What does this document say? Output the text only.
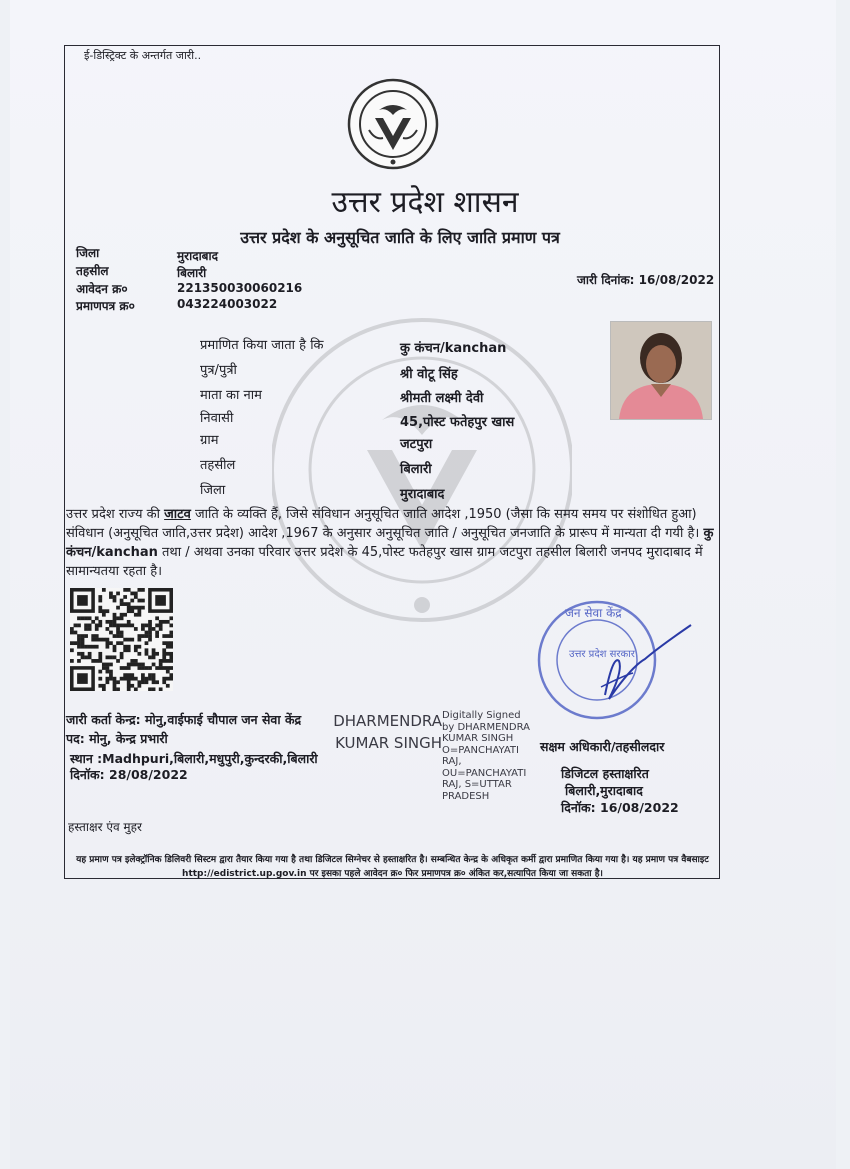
ई-डिस्ट्रिक्ट के अन्तर्गत जारी..
उत्तर प्रदेश शासन
उत्तर प्रदेश के अनुसूचित जाति के लिए जाति प्रमाण पत्र
जिला	मुरादाबाद
तहसील	बिलारी
आवेदन क्र०	221350030060216
प्रमाणपत्र क्र०	043224003022
जारी दिनांक: 16/08/2022
प्रमाणित किया जाता है कि	कु कंचन/kanchan
पुत्र/पुत्री	श्री वोटू सिंह
माता का नाम	श्रीमती लक्ष्मी देवी
निवासी	45,पोस्ट फतेहपुर खास
ग्राम	जटपुरा
तहसील	बिलारी
जिला	मुरादाबाद
उत्तर प्रदेश राज्य की जाटव जाति के व्यक्ति हैं, जिसे संविधान अनुसूचित जाति आदेश ,1950 (जैसा कि समय समय पर संशोधित हुआ) संविधान (अनुसूचित जाति,उत्तर प्रदेश) आदेश ,1967 के अनुसार अनुसूचित जाति / अनुसूचित जनजाति के प्रारूप में मान्यता दी गयी है। कु कंचन/kanchan तथा / अथवा उनका परिवार उत्तर प्रदेश के 45,पोस्ट फतेहपुर खास ग्राम जटपुरा तहसील बिलारी जनपद मुरादाबाद में सामान्यतया रहता है।
जन सेवा केंद्र
उत्तर प्रदेश सरकार
जारी कर्ता केन्द्र: मोनु,वाईफाई चौपाल जन सेवा केंद्र
पद: मोनु, केन्द्र प्रभारी
स्थान :Madhpuri,बिलारी,मधुपुरी,कुन्दरकी,बिलारी
दिनॉक: 28/08/2022
हस्ताक्षर एंव मुहर
DHARMENDRA KUMAR SINGH
Digitally Signed by DHARMENDRA KUMAR SINGH O=PANCHAYATI RAJ, OU=PANCHAYATI RAJ, S=UTTAR PRADESH
सक्षम अधिकारी/तहसीलदार
डिजिटल हस्ताक्षरित
बिलारी,मुरादाबाद
दिनॉक: 16/08/2022
यह प्रमाण पत्र इलेक्ट्रॉनिक डिलिवरी सिस्टम द्वारा तैयार किया गया है तथा डिजिटल सिग्नेचर से हस्ताक्षरित है। सम्बन्धित केन्द्र के अधिकृत कर्मी द्वारा प्रमाणित किया गया है। यह प्रमाण पत्र वैबसाइट http://edistrict.up.gov.in पर इसका पहले आवेदन क्र० फिर प्रमाणपत्र क्र० अंकित कर,सत्यापित किया जा सकता है।
